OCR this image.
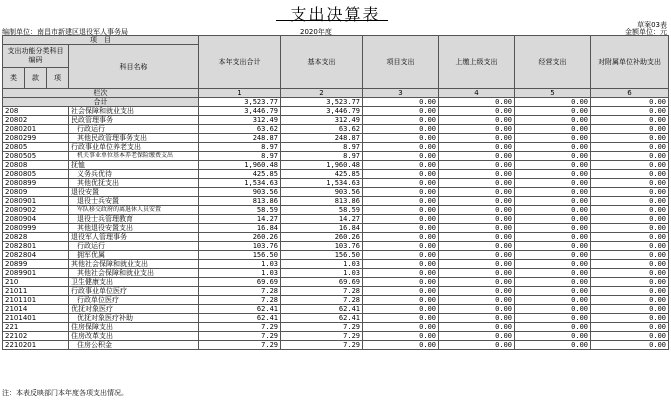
支出决算表
草案03表
编制单位：南昌市新建区退役军人事务局	2020年度	金额单位：元
项　目				本年支出合计	基本支出	项目支出	上缴上级支出	经营支出	对附属单位补助支出
支出功能分类科目编码			科目名称						
类	款	项							
栏次				1	2	3	4	5	6
合计				3,523.77	3,523.77	0.00	0.00	0.00	0.00
208			社会保障和就业支出	3,446.79	3,446.79	0.00	0.00	0.00	0.00
20802			民政管理事务	312.49	312.49	0.00	0.00	0.00	0.00
2080201			行政运行	63.62	63.62	0.00	0.00	0.00	0.00
2080299			其他民政管理事务支出	248.87	248.87	0.00	0.00	0.00	0.00
20805			行政事业单位养老支出	8.97	8.97	0.00	0.00	0.00	0.00
2080505			机关事业单位基本养老保险缴费支出	8.97	8.97	0.00	0.00	0.00	0.00
20808			抚恤	1,960.48	1,960.48	0.00	0.00	0.00	0.00
2080805			义务兵优待	425.85	425.85	0.00	0.00	0.00	0.00
2080899			其他优抚支出	1,534.63	1,534.63	0.00	0.00	0.00	0.00
20809			退役安置	903.56	903.56	0.00	0.00	0.00	0.00
2080901			退役士兵安置	813.86	813.86	0.00	0.00	0.00	0.00
2080902			军队移交政府的离退休人员安置	58.59	58.59	0.00	0.00	0.00	0.00
2080904			退役士兵管理教育	14.27	14.27	0.00	0.00	0.00	0.00
2080999			其他退役安置支出	16.84	16.84	0.00	0.00	0.00	0.00
20828			退役军人管理事务	260.26	260.26	0.00	0.00	0.00	0.00
2082801			行政运行	103.76	103.76	0.00	0.00	0.00	0.00
2082804			拥军优属	156.50	156.50	0.00	0.00	0.00	0.00
20899			其他社会保障和就业支出	1.03	1.03	0.00	0.00	0.00	0.00
2089901			其他社会保障和就业支出	1.03	1.03	0.00	0.00	0.00	0.00
210			卫生健康支出	69.69	69.69	0.00	0.00	0.00	0.00
21011			行政事业单位医疗	7.28	7.28	0.00	0.00	0.00	0.00
2101101			行政单位医疗	7.28	7.28	0.00	0.00	0.00	0.00
21014			优抚对象医疗	62.41	62.41	0.00	0.00	0.00	0.00
2101401			优抚对象医疗补助	62.41	62.41	0.00	0.00	0.00	0.00
221			住房保障支出	7.29	7.29	0.00	0.00	0.00	0.00
22102			住房改革支出	7.29	7.29	0.00	0.00	0.00	0.00
2210201			住房公积金	7.29	7.29	0.00	0.00	0.00	0.00
注：本表反映部门本年度各项支出情况。
